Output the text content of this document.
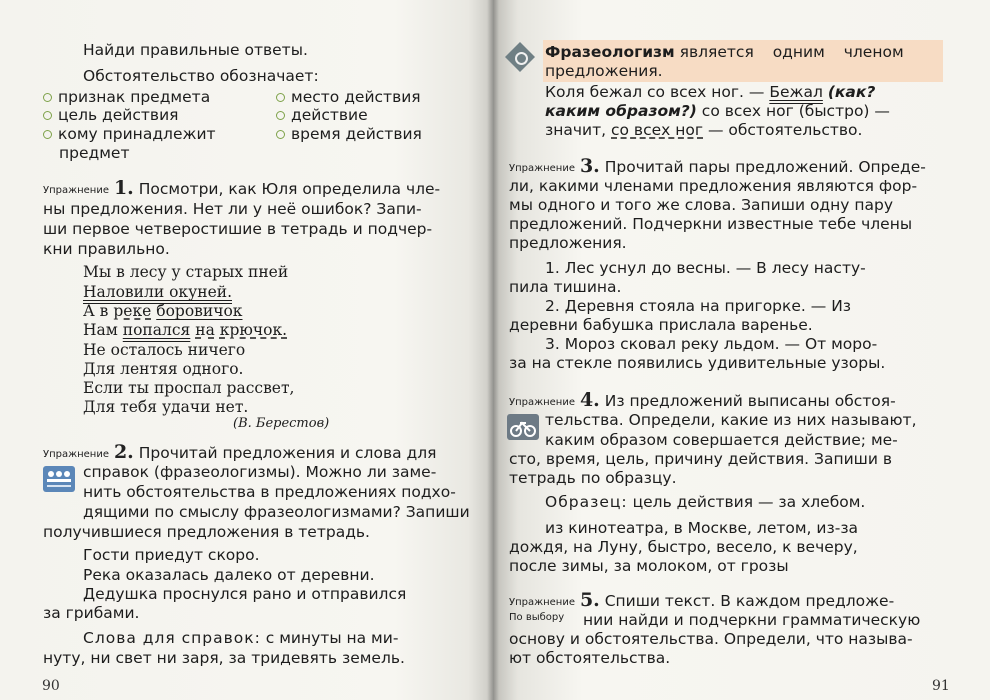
Найди правильные ответы.
Обстоятельство обозначает:
признак предмета	место действия
цель действия	действие
кому принадлежит	время действия
предмет
Упражнение 1. Посмотри, как Юля определила чле-
ны предложения. Нет ли у неё ошибок? Запи-
ши первое четверостишие в тетрадь и подчер-
кни правильно.
Мы в лесу у старых пней
Наловили окуней.
А в реке боровичок
Нам попался на крючок.
Не осталось ничего
Для лентяя одного.
Если ты проспал рассвет,
Для тебя удачи нет.
(В. Берестов)
Упражнение 2. Прочитай предложения и слова для
справок (фразеологизмы). Можно ли заме-
нить обстоятельства в предложениях подхо-
дящими по смыслу фразеологизмами? Запиши
получившиеся предложения в тетрадь.
Гости приедут скоро.
Река оказалась далеко от деревни.
Дедушка проснулся рано и отправился
за грибами.
Слова для справок: с минуты на ми-
нуту, ни свет ни заря, за тридевять земель.
90
Фразеологизм является одним членом
предложения.
Коля бежал со всех ног. — Бежал (как?
каким образом?) со всех ног (быстро) —
значит, со всех ног — обстоятельство.
Упражнение 3. Прочитай пары предложений. Опреде-
ли, какими членами предложения являются фор-
мы одного и того же слова. Запиши одну пару
предложений. Подчеркни известные тебе члены
предложения.
1. Лес уснул до весны. — В лесу насту-
пила тишина.
2. Деревня стояла на пригорке. — Из
деревни бабушка прислала варенье.
3. Мороз сковал реку льдом. — От моро-
за на стекле появились удивительные узоры.
Упражнение 4. Из предложений выписаны обстоя-
тельства. Определи, какие из них называют,
каким образом совершается действие; ме-
сто, время, цель, причину действия. Запиши в
тетрадь по образцу.
Образец: цель действия — за хлебом.
из кинотеатра, в Москве, летом, из-за
дождя, на Луну, быстро, весело, к вечеру,
после зимы, за молоком, от грозы
Упражнение 5. Спиши текст. В каждом предложе-
По выбору нии найди и подчеркни грамматическую
основу и обстоятельства. Определи, что называ-
ют обстоятельства.
91
